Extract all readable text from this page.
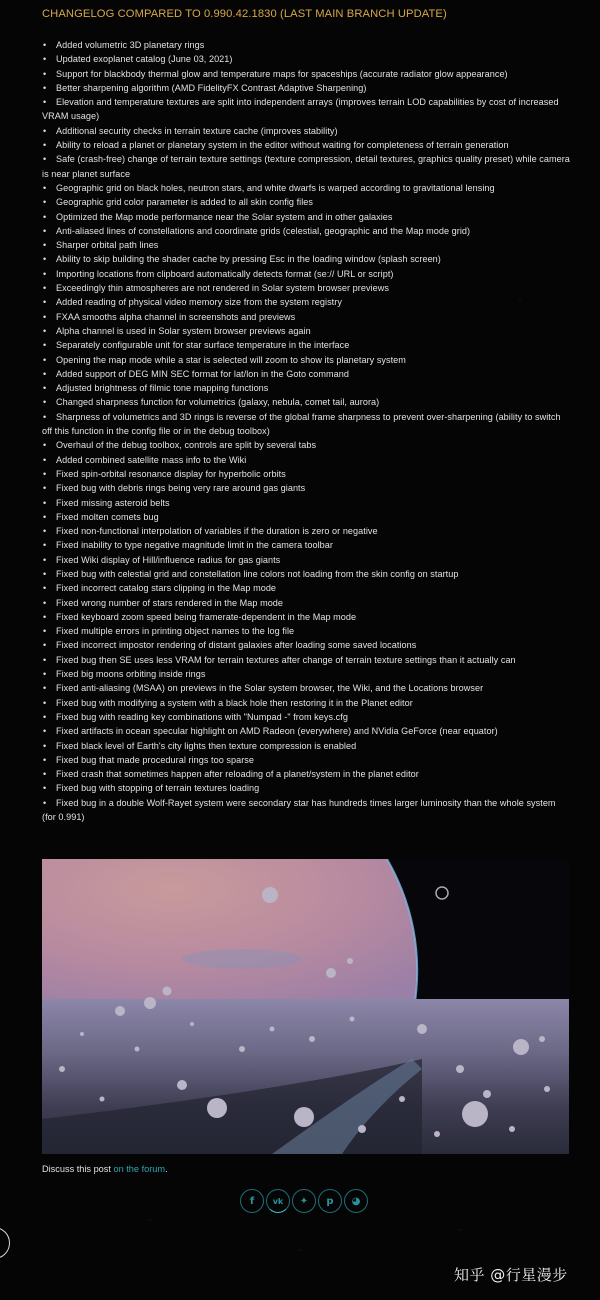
CHANGELOG COMPARED TO 0.990.42.1830 (LAST MAIN BRANCH UPDATE)
• Added volumetric 3D planetary rings
• Updated exoplanet catalog (June 03, 2021)
• Support for blackbody thermal glow and temperature maps for spaceships (accurate radiator glow appearance)
• Better sharpening algorithm (AMD FidelityFX Contrast Adaptive Sharpening)
• Elevation and temperature textures are split into independent arrays (improves terrain LOD capabilities by cost of increased VRAM usage)
• Additional security checks in terrain texture cache (improves stability)
• Ability to reload a planet or planetary system in the editor without waiting for completeness of terrain generation
• Safe (crash-free) change of terrain texture settings (texture compression, detail textures, graphics quality preset) while camera is near planet surface
• Geographic grid on black holes, neutron stars, and white dwarfs is warped according to gravitational lensing
• Geographic grid color parameter is added to all skin config files
• Optimized the Map mode performance near the Solar system and in other galaxies
• Anti-aliased lines of constellations and coordinate grids (celestial, geographic and the Map mode grid)
• Sharper orbital path lines
• Ability to skip building the shader cache by pressing Esc in the loading window (splash screen)
• Importing locations from clipboard automatically detects format (se:// URL or script)
• Exceedingly thin atmospheres are not rendered in Solar system browser previews
• Added reading of physical video memory size from the system registry
• FXAA smooths alpha channel in screenshots and previews
• Alpha channel is used in Solar system browser previews again
• Separately configurable unit for star surface temperature in the interface
• Opening the map mode while a star is selected will zoom to show its planetary system
• Added support of DEG MIN SEC format for lat/lon in the Goto command
• Adjusted brightness of filmic tone mapping functions
• Changed sharpness function for volumetrics (galaxy, nebula, comet tail, aurora)
• Sharpness of volumetrics and 3D rings is reverse of the global frame sharpness to prevent over-sharpening (ability to switch off this function in the config file or in the debug toolbox)
• Overhaul of the debug toolbox, controls are split by several tabs
• Added combined satellite mass info to the Wiki
• Fixed spin-orbital resonance display for hyperbolic orbits
• Fixed bug with debris rings being very rare around gas giants
• Fixed missing asteroid belts
• Fixed molten comets bug
• Fixed non-functional interpolation of variables if the duration is zero or negative
• Fixed inability to type negative magnitude limit in the camera toolbar
• Fixed Wiki display of Hill/influence radius for gas giants
• Fixed bug with celestial grid and constellation line colors not loading from the skin config on startup
• Fixed incorrect catalog stars clipping in the Map mode
• Fixed wrong number of stars rendered in the Map mode
• Fixed keyboard zoom speed being framerate-dependent in the Map mode
• Fixed multiple errors in printing object names to the log file
• Fixed incorrect impostor rendering of distant galaxies after loading some saved locations
• Fixed bug then SE uses less VRAM for terrain textures after change of terrain texture settings than it actually can
• Fixed big moons orbiting inside rings
• Fixed anti-aliasing (MSAA) on previews in the Solar system browser, the Wiki, and the Locations browser
• Fixed bug with modifying a system with a black hole then restoring it in the Planet editor
• Fixed bug with reading key combinations with "Numpad -" from keys.cfg
• Fixed artifacts in ocean specular highlight on AMD Radeon (everywhere) and NVidia GeForce (near equator)
• Fixed black level of Earth's city lights then texture compression is enabled
• Fixed bug that made procedural rings too sparse
• Fixed crash that sometimes happen after reloading of a planet/system in the planet editor
• Fixed bug with stopping of terrain textures loading
• Fixed bug in a double Wolf-Rayet system were secondary star has hundreds times larger luminosity than the whole system (for 0.991)
Discuss this post on the forum.
f vk ✦ p ◕
知乎 @行星漫步
